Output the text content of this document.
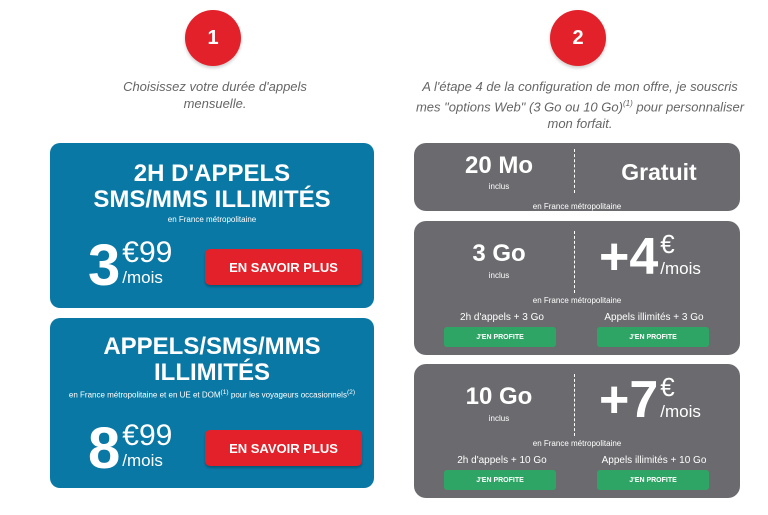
1	2
Choisissez votre durée d'appels mensuelle.
A l'étape 4 de la configuration de mon offre, je souscris mes "options Web" (3 Go ou 10 Go)$^{(1)}$ pour personnaliser mon forfait.
2H D'APPELS
SMS/MMS ILLIMITÉS
en France métropolitaine
3 €99
/mois
EN SAVOIR PLUS
APPELS/SMS/MMS
ILLIMITÉS
en France métropolitaine et en UE et DOM$^{(1)}$ pour les voyageurs occasionnels$^{(2)}$
8 €99
/mois
EN SAVOIR PLUS
20 Mo
inclus
Gratuit
en France métropolitaine
3 Go
inclus	+4 €
/mois
en France métropolitaine
2h d'appels + 3 Go	Appels illimités + 3 Go
J'EN PROFITE	J'EN PROFITE
10 Go
inclus	+7 €
/mois
en France métropolitaine
2h d'appels + 10 Go	Appels illimités + 10 Go
J'EN PROFITE	J'EN PROFITE
